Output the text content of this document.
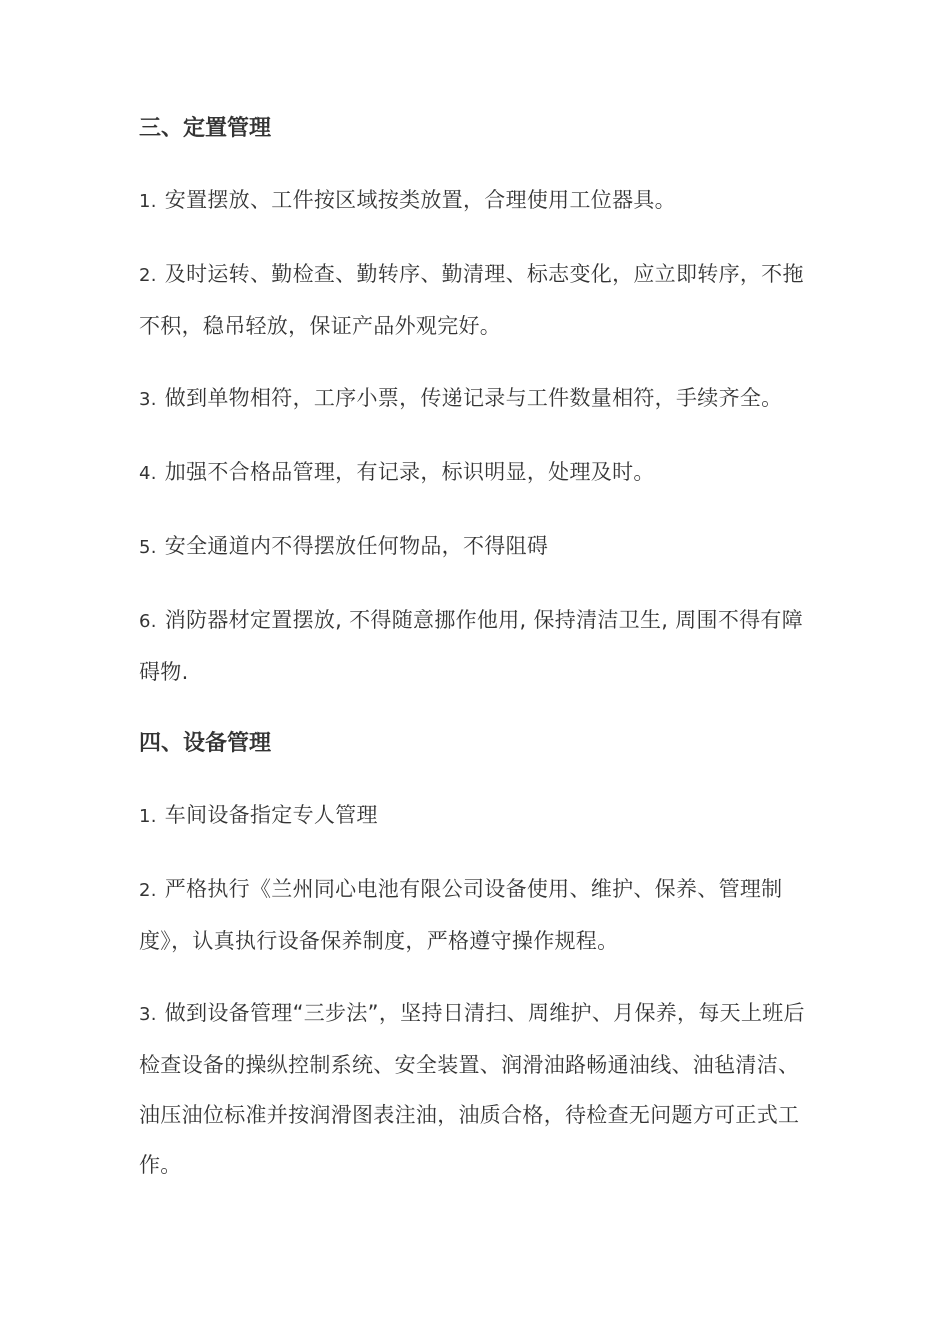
三、定置管理
1. 安置摆放、工件按区域按类放置，合理使用工位器具。
2. 及时运转、勤检查、勤转序、勤清理、标志变化，应立即转序，不拖不积，稳吊轻放，保证产品外观完好。
3. 做到单物相符，工序小票，传递记录与工件数量相符，手续齐全。
4. 加强不合格品管理，有记录，标识明显，处理及时。
5. 安全通道内不得摆放任何物品，不得阻碍
6. 消防器材定置摆放, 不得随意挪作他用, 保持清洁卫生, 周围不得有障碍物.
四、设备管理
1. 车间设备指定专人管理
2. 严格执行《兰州同心电池有限公司设备使用、维护、保养、管理制度》，认真执行设备保养制度，严格遵守操作规程。
3. 做到设备管理“三步法”，坚持日清扫、周维护、月保养，每天上班后检查设备的操纵控制系统、安全装置、润滑油路畅通油线、油毡清洁、油压油位标准并按润滑图表注油，油质合格，待检查无问题方可正式工作。
